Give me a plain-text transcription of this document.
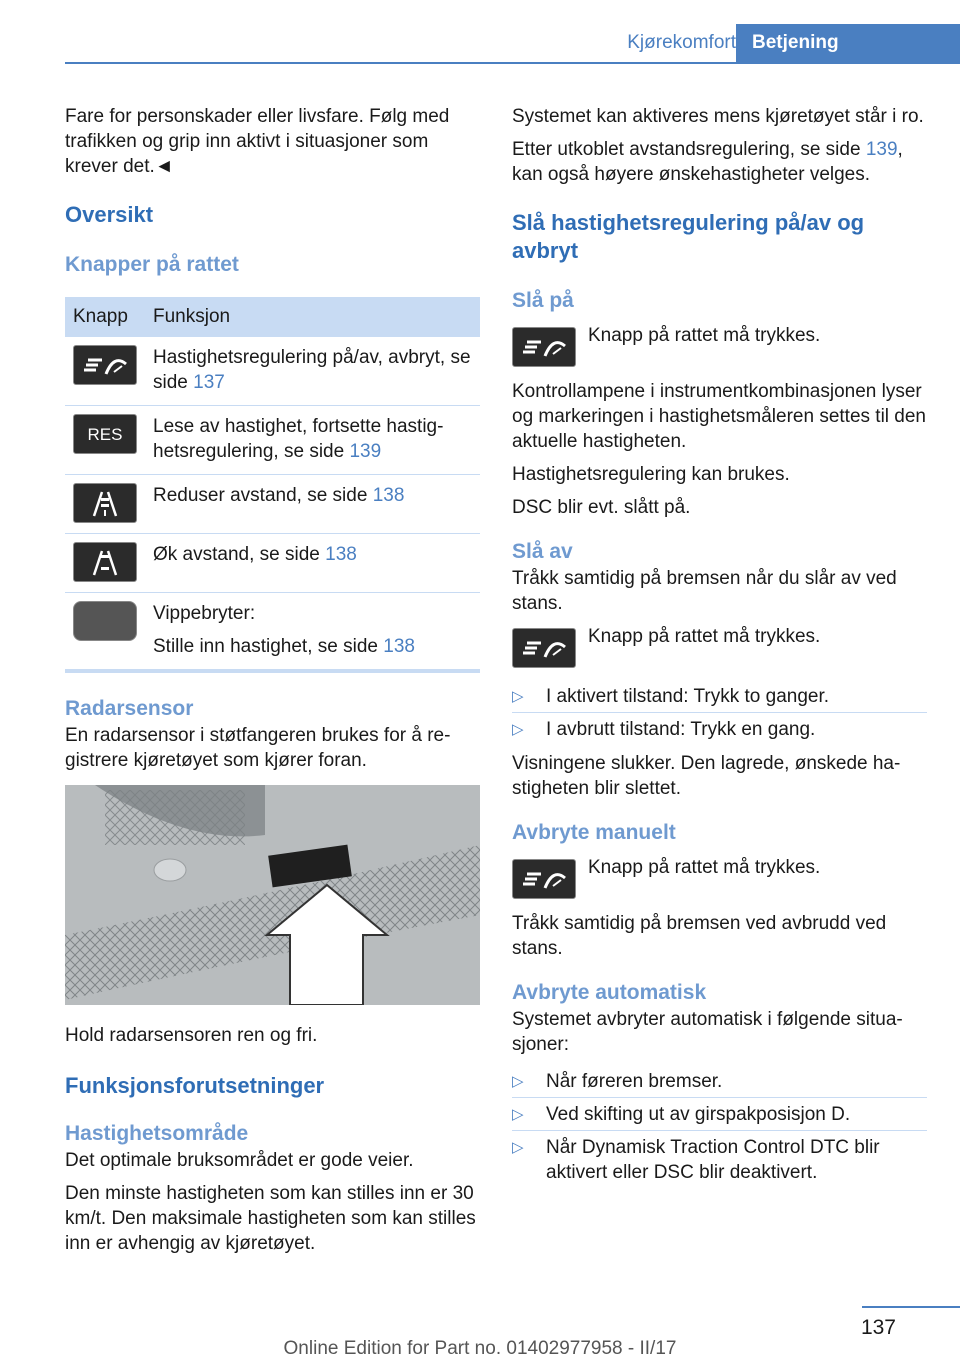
Kjørekomfort Betjening

Fare for personskader eller livsfare. Følg med trafikken og grip inn aktivt i situasjoner som krever det.◄

Oversikt
Knapper på rattet
Knapp	Funksjon

	Hastighetsregulering på/av, avbryt, se side 137

RES	Lese av hastighet, fortsette hastighetsregulering, se side 139

	Reduser avstand, se side 138

	Øk avstand, se side 138

	Vippebryter:
Stille inn hastighet, se side 138
Radarsensor

En radarsensor i støtfangeren brukes for å registrere kjøretøyet som kjører foran.

Hold radarsensoren ren og fri.

Funksjonsforutsetninger
Hastighetsområde

Det optimale bruksområdet er gode veier.

Den minste hastigheten som kan stilles inn er 30 km/t. Den maksimale hastigheten som kan stilles inn er avhengig av kjøretøyet.

Systemet kan aktiveres mens kjøretøyet står i ro.

Etter utkoblet avstandsregulering, se side 139, kan også høyere ønskehastigheter velges.

Slå hastighetsregulering på/av og avbryt
Slå på

Knapp på rattet må trykkes.

Kontrollampene i instrumentkombinasjonen lyser og markeringen i hastighetsmåleren settes til den aktuelle hastigheten.

Hastighetsregulering kan brukes.

DSC blir evt. slått på.

Slå av

Tråkk samtidig på bremsen når du slår av ved stans.

Knapp på rattet må trykkes.

▷ I aktivert tilstand: Trykk to ganger.
▷ I avbrutt tilstand: Trykk en gang.

Visningene slukker. Den lagrede, ønskede hastigheten blir slettet.

Avbryte manuelt

Knapp på rattet må trykkes.

Tråkk samtidig på bremsen ved avbrudd ved stans.

Avbryte automatisk

Systemet avbryter automatisk i følgende situasjoner:

▷ Når føreren bremser.
▷ Ved skifting ut av girspakposisjon D.
▷ Når Dynamisk Traction Control DTC blir aktivert eller DSC blir deaktivert.
137
Online Edition for Part no. 01402977958 - II/17
